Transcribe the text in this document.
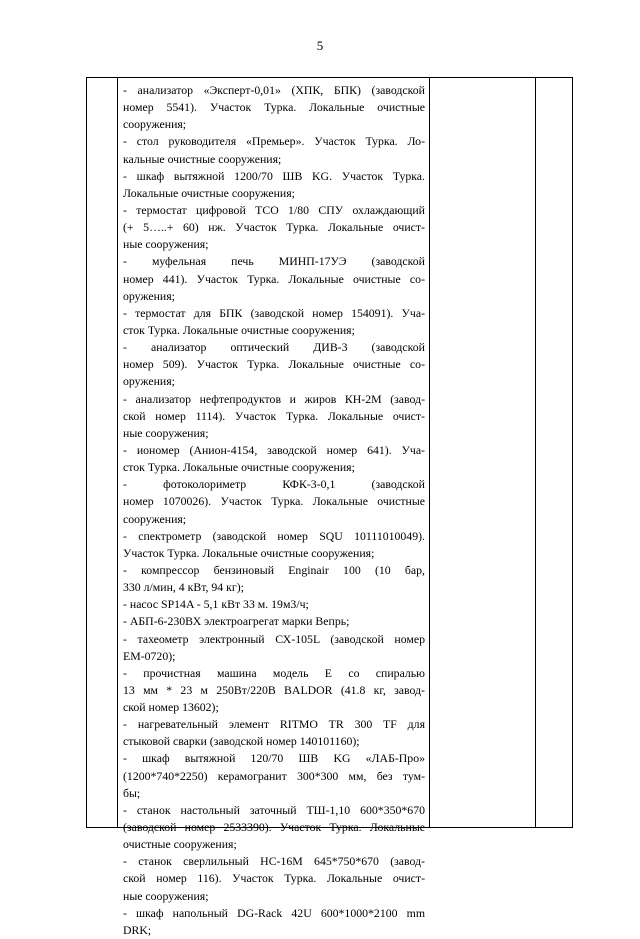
5
- анализатор «Эксперт-0,01» (ХПК, БПК) (заводской
номер 5541). Участок Турка. Локальные очистные
сооружения;
- стол руководителя «Премьер». Участок Турка. Ло-
кальные очистные сооружения;
- шкаф вытяжной 1200/70 ШВ KG. Участок Турка.
Локальные очистные сооружения;
- термостат цифровой ТСО 1/80 СПУ охлаждающий
(+ 5…..+ 60) нж. Участок Турка. Локальные очист-
ные сооружения;
- муфельная печь МИНП-17УЭ (заводской
номер 441). Участок Турка. Локальные очистные со-
оружения;
- термостат для БПК (заводской номер 154091). Уча-
сток Турка. Локальные очистные сооружения;
- анализатор оптический ДИВ-3 (заводской
номер 509). Участок Турка. Локальные очистные со-
оружения;
- анализатор нефтепродуктов и жиров КН-2М (завод-
ской номер 1114). Участок Турка. Локальные очист-
ные сооружения;
- иономер (Анион-4154, заводской номер 641). Уча-
сток Турка. Локальные очистные сооружения;
- фотоколориметр КФК-3-0,1 (заводской
номер 1070026). Участок Турка. Локальные очистные
сооружения;
- спектрометр (заводской номер SQU 10111010049).
Участок Турка. Локальные очистные сооружения;
- компрессор бензиновый Enginair 100 (10 бар,
330 л/мин, 4 кВт, 94 кг);
- насос SP14A - 5,1 кВт 33 м. 19м3/ч;
- АБП-6-230ВХ электроагрегат марки Вепрь;
- тахеометр электронный СХ-105L (заводской номер
EM-0720);
- прочистная машина модель Е со спиралью
13 мм * 23 м 250Вт/220В BALDOR (41.8 кг, завод-
ской номер 13602);
- нагревательный элемент RITMO TR 300 TF для
стыковой сварки (заводской номер 140101160);
- шкаф вытяжной 120/70 ШВ KG «ЛАБ-Про»
(1200*740*2250) керамогранит 300*300 мм, без тум-
бы;
- станок настольный заточный ТШ-1,10 600*350*670
(заводской номер 2533390). Участок Турка. Локальные
очистные сооружения;
- станок сверлильный НС-16М 645*750*670 (завод-
ской номер 116). Участок Турка. Локальные очист-
ные сооружения;
- шкаф напольный DG-Rack 42U 600*1000*2100 mm
DRK;
